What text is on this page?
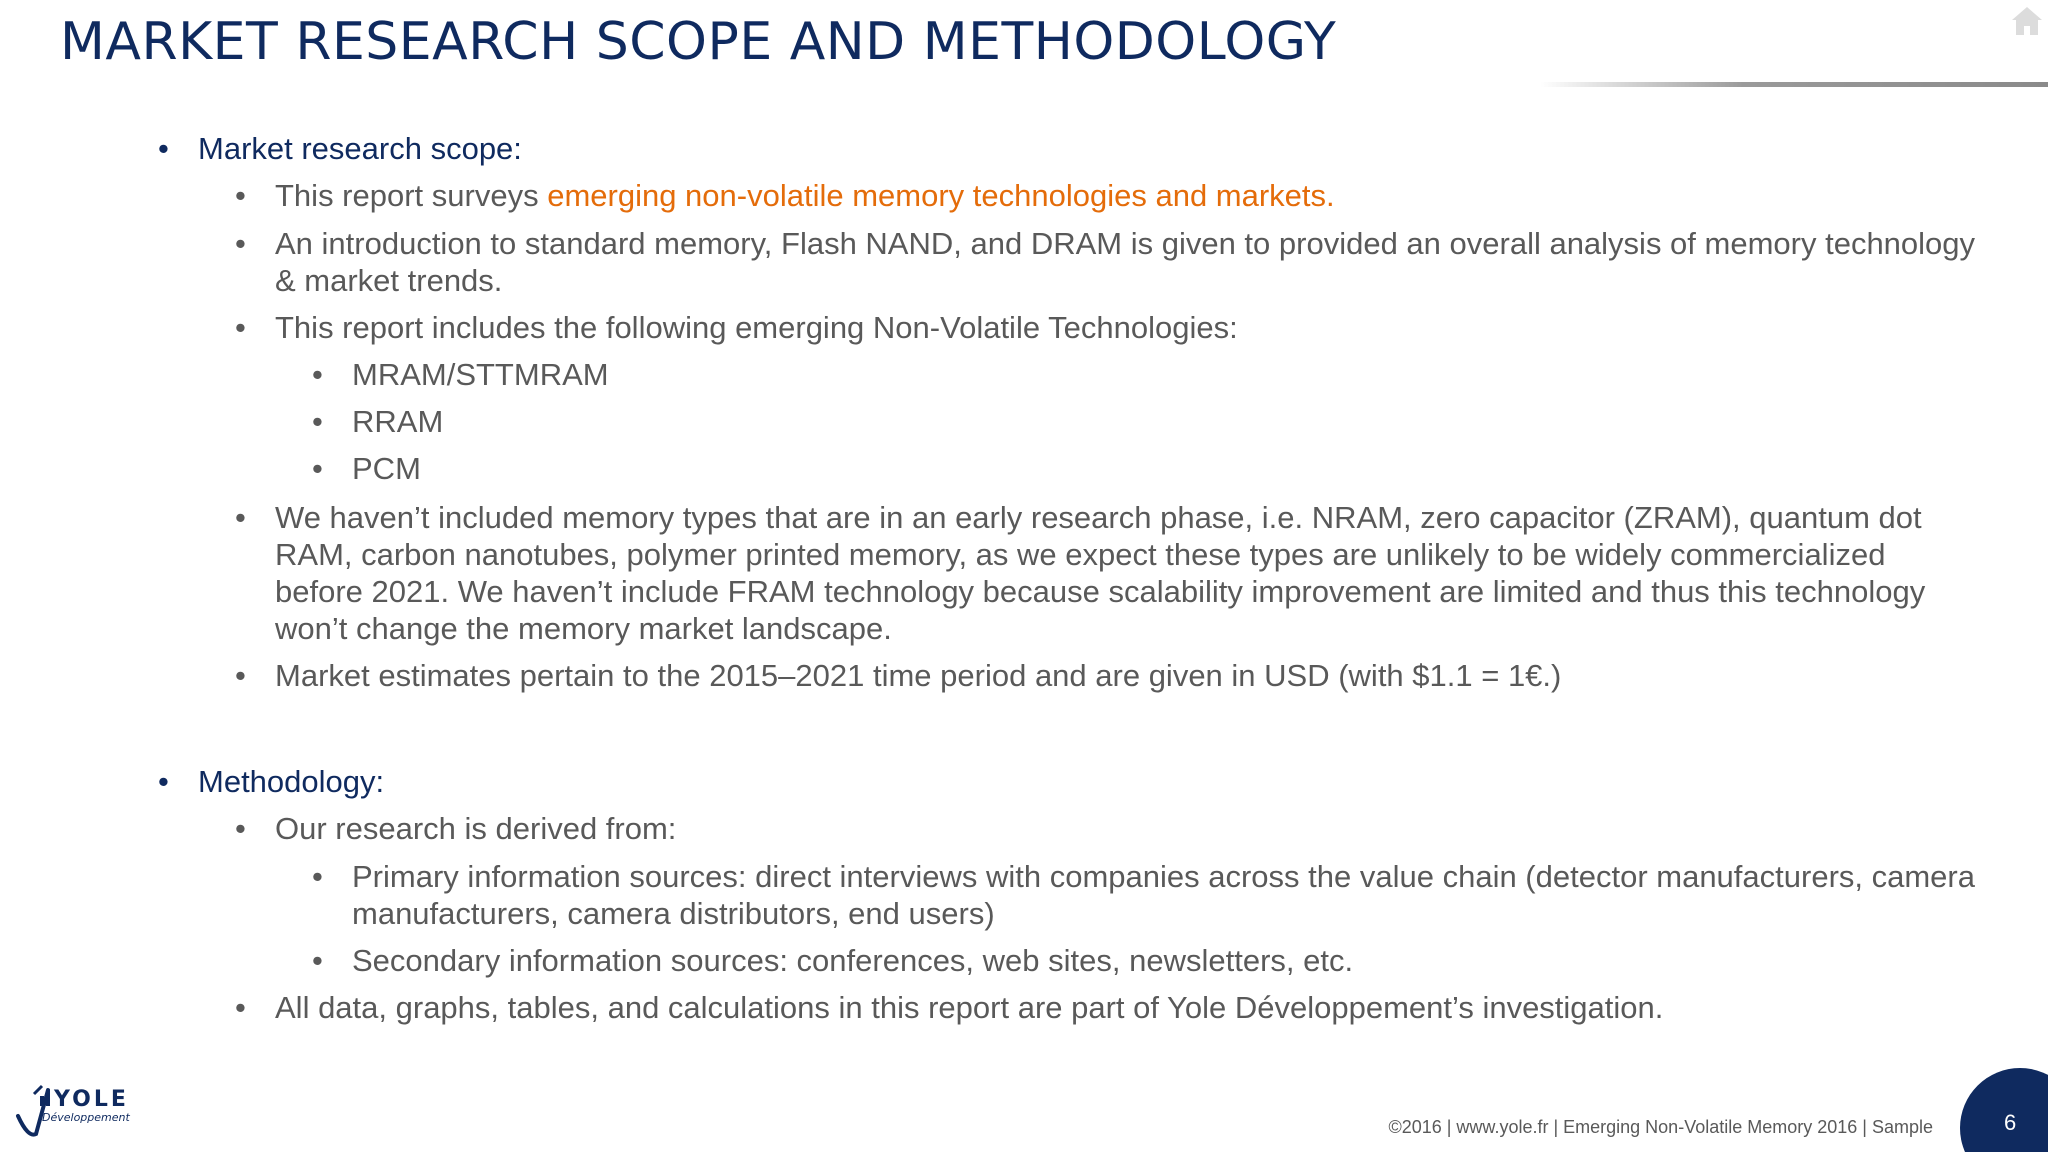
MARKET RESEARCH SCOPE AND METHODOLOGY
• Market research scope:
• This report surveys emerging non-volatile memory technologies and markets.
• An introduction to standard memory, Flash NAND, and DRAM is given to provided an overall analysis of memory technology & market trends.
• This report includes the following emerging Non-Volatile Technologies:
• MRAM/STTMRAM
• RRAM
• PCM
• We haven’t included memory types that are in an early research phase, i.e. NRAM, zero capacitor (ZRAM), quantum dot RAM, carbon nanotubes, polymer printed memory, as we expect these types are unlikely to be widely commercialized before 2021. We haven’t include FRAM technology because scalability improvement are limited and thus this technology won’t change the memory market landscape.
• Market estimates pertain to the 2015–2021 time period and are given in USD (with $1.1 = 1€.)
• Methodology:
• Our research is derived from:
• Primary information sources: direct interviews with companies across the value chain (detector manufacturers, camera manufacturers, camera distributors, end users)
• Secondary information sources: conferences, web sites, newsletters, etc.
• All data, graphs, tables, and calculations in this report are part of Yole Développement’s investigation.
YOLE
Développement	©2016 | www.yole.fr | Emerging Non-Volatile Memory 2016 | Sample	6
